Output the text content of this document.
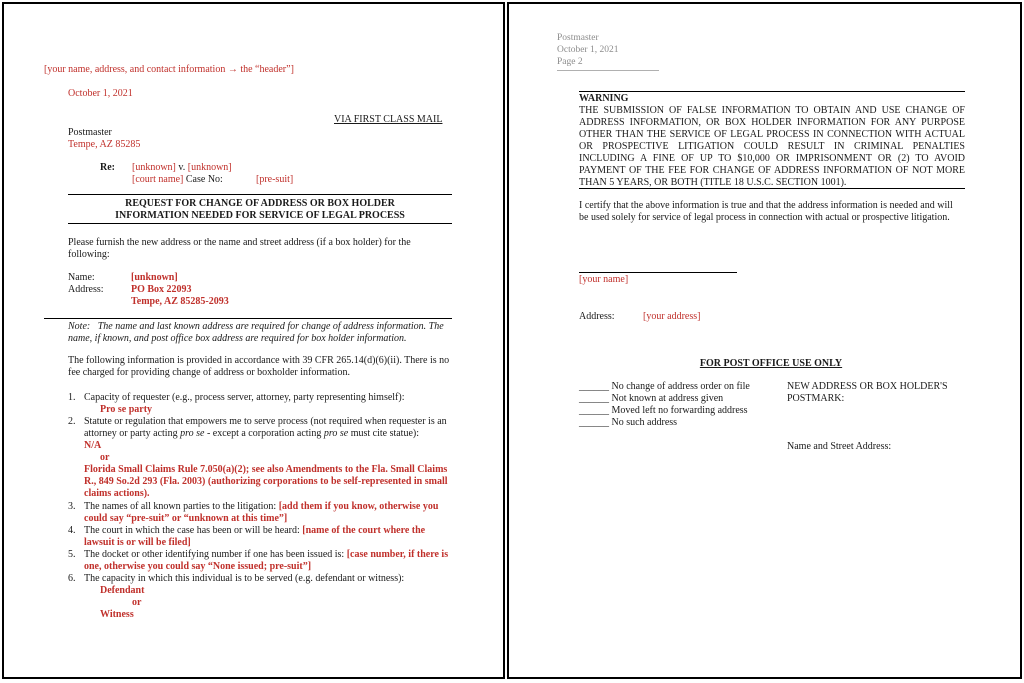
[your name, address, and contact information → the “header”]
October 1, 2021
VIA FIRST CLASS MAIL
Postmaster
Tempe, AZ 85285
Re: [unknown] v. [unknown]
[court name] Case No:	[pre-suit]
REQUEST FOR CHANGE OF ADDRESS OR BOX HOLDER
INFORMATION NEEDED FOR SERVICE OF LEGAL PROCESS
Please furnish the new address or the name and street address (if a box holder) for the following:
Name:	[unknown]
Address:	PO Box 22093
Tempe, AZ 85285-2093
Note: The name and last known address are required for change of address information. The name, if known, and post office box address are required for box holder information.
The following information is provided in accordance with 39 CFR 265.14(d)(6)(ii). There is no fee charged for providing change of address or boxholder information.
1. Capacity of requester (e.g., process server, attorney, party representing himself):
Pro se party
2. Statute or regulation that empowers me to serve process (not required when requester is an attorney or party acting pro se - except a corporation acting pro se must cite statue):
N/A
or
Florida Small Claims Rule 7.050(a)(2); see also Amendments to the Fla. Small Claims R., 849 So.2d 293 (Fla. 2003) (authorizing corporations to be self-represented in small claims actions).
3. The names of all known parties to the litigation: [add them if you know, otherwise you could say “pre-suit” or “unknown at this time”]
4. The court in which the case has been or will be heard: [name of the court where the lawsuit is or will be filed]
5. The docket or other identifying number if one has been issued is: [case number, if there is one, otherwise you could say “None issued; pre-suit”]
6. The capacity in which this individual is to be served (e.g. defendant or witness):
Defendant
or
Witness
Postmaster
October 1, 2021
Page 2
WARNING
THE SUBMISSION OF FALSE INFORMATION TO OBTAIN AND USE CHANGE OF ADDRESS INFORMATION, OR BOX HOLDER INFORMATION FOR ANY PURPOSE OTHER THAN THE SERVICE OF LEGAL PROCESS IN CONNECTION WITH ACTUAL OR PROSPECTIVE LITIGATION COULD RESULT IN CRIMINAL PENALTIES INCLUDING A FINE OF UP TO $10,000 OR IMPRISONMENT OR (2) TO AVOID PAYMENT OF THE FEE FOR CHANGE OF ADDRESS INFORMATION OF NOT MORE THAN 5 YEARS, OR BOTH (TITLE 18 U.S.C. SECTION 1001).
I certify that the above information is true and that the address information is needed and will be used solely for service of legal process in connection with actual or prospective litigation.
[your name]
Address:	[your address]
FOR POST OFFICE USE ONLY
______ No change of address order on file
______ Not known at address given
______ Moved left no forwarding address
______ No such address
NEW ADDRESS OR BOX HOLDER'S POSTMARK:
Name and Street Address:
